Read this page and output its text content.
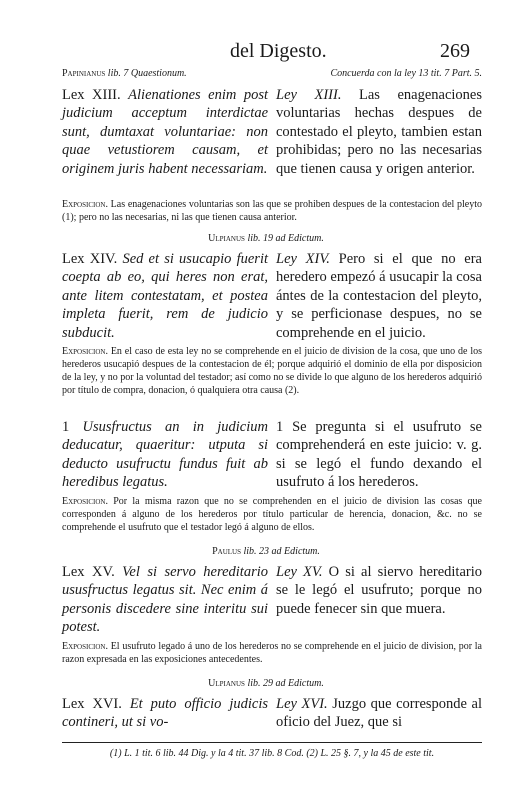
del Digesto.	269
Papinianus lib. 7 Quaestionum.	Concuerda con la ley 13 tit. 7 Part. 5.
Lex XIII. Alienationes enim post judicium acceptum interdictae sunt, dumtaxat voluntariae: non quae vetustiorem causam, et originem juris habent necessariam.
Ley XIII. Las enagenaciones voluntarias hechas despues de contestado el pleyto, tambien estan prohibidas; pero no las necesarias que tienen causa y origen anterior.
Exposicion. Las enagenaciones voluntarias son las que se prohiben despues de la contestacion del pleyto (1); pero no las necesarias, ni las que tienen causa anterior.
Ulpianus lib. 19 ad Edictum.
Lex XIV. Sed et si usucapio fuerit coepta ab eo, qui heres non erat, ante litem contestatam, et postea impleta fuerit, rem de judicio subducit.
Ley XIV. Pero si el que no era heredero empezó á usucapir la cosa ántes de la contestacion del pleyto, y se perficionase despues, no se comprehende en el juicio.
Exposicion. En el caso de esta ley no se comprehende en el juicio de division de la cosa, que uno de los herederos usucapió despues de la contestacion de él; porque adquirió el dominio de ella por disposicion de la ley, y no por la voluntad del testador; así como no se divide lo que alguno de los herederos adquirió por título de compra, donacion, ó qualquiera otra causa (2).
1 Ususfructus an in judicium deducatur, quaeritur: utputa si deducto usufructu fundus fuit ab heredibus legatus.
1 Se pregunta si el usufruto se comprehenderá en este juicio: v. g. si se legó el fundo dexando el usufruto á los herederos.
Exposicion. Por la misma razon que no se comprehenden en el juicio de division las cosas que corresponden á alguno de los herederos por título particular de herencia, donacion, &c. no se comprehende el usufruto que el testador legó á alguno de ellos.
Paulus lib. 23 ad Edictum.
Lex XV. Vel si servo hereditario ususfructus legatus sit. Nec enim á personis discedere sine interitu sui potest.
Ley XV. O si al siervo hereditario se le legó el usufruto; porque no puede fenecer sin que muera.
Exposicion. El usufruto legado á uno de los herederos no se comprehende en el juicio de division, por la razon expresada en las exposiciones antecedentes.
Ulpianus lib. 29 ad Edictum.
Lex XVI. Et puto officio judicis contineri, ut si vo-
Ley XVI. Juzgo que corresponde al oficio del Juez, que si
(1) L. 1 tit. 6 lib. 44 Dig. y la 4 tit. 37 lib. 8 Cod. (2) L. 25 §. 7, y la 45 de este tit.
